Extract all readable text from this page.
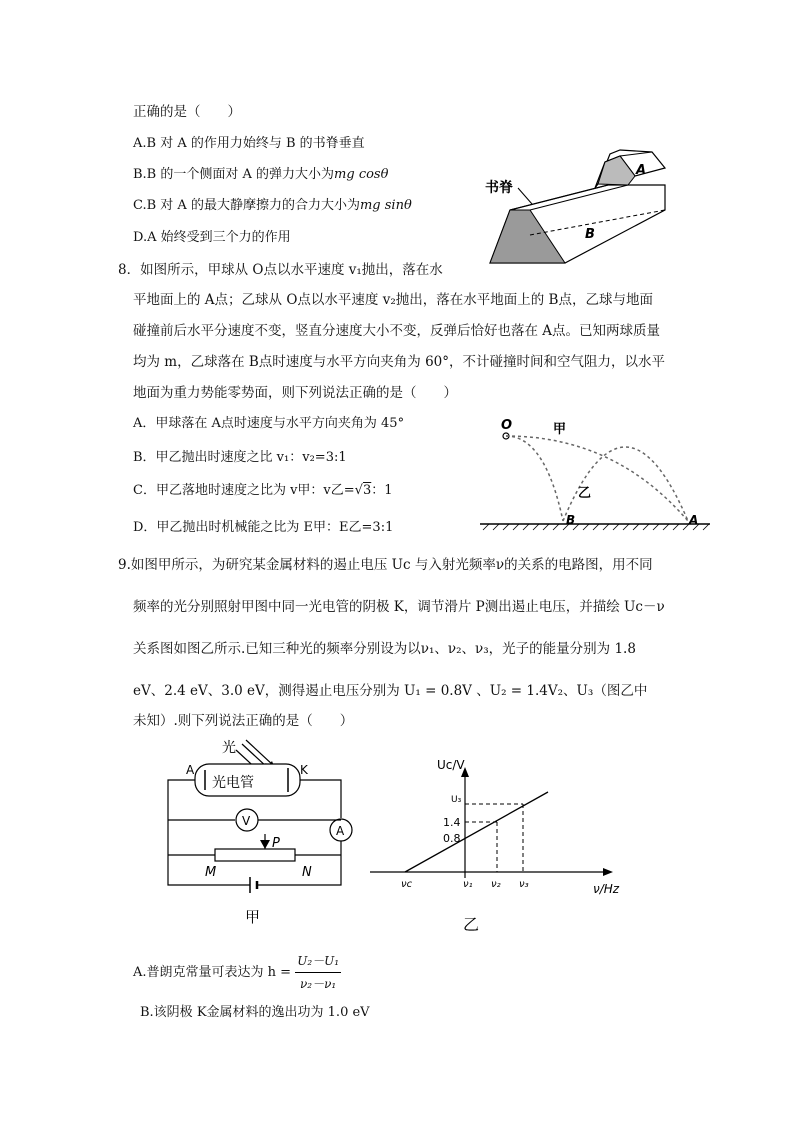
正确的是（　　）
A.B 对 A 的作用力始终与 B 的书脊垂直
B.B 的一个侧面对 A 的弹力大小为mg cosθ
C.B 对 A 的最大静摩擦力的合力大小为mg sinθ
D.A 始终受到三个力的作用
书脊
A
B
8．如图所示，甲球从 O点以水平速度 v₁抛出，落在水
平地面上的 A点；乙球从 O点以水平速度 v₂抛出，落在水平地面上的 B点，乙球与地面
碰撞前后水平分速度不变，竖直分速度大小不变，反弹后恰好也落在 A点。已知两球质量
均为 m，乙球落在 B点时速度与水平方向夹角为 60°，不计碰撞时间和空气阻力，以水平
地面为重力势能零势面，则下列说法正确的是（　　）
A．甲球落在 A点时速度与水平方向夹角为 45°
B．甲乙抛出时速度之比 v₁：v₂=3:1
C．甲乙落地时速度之比为 v甲：v乙=√3：1
D．甲乙抛出时机械能之比为 E甲：E乙=3:1
O	甲
乙
B	A
9.如图甲所示，为研究某金属材料的遏止电压 Uc 与入射光频率ν的关系的电路图，用不同
频率的光分别照射甲图中同一光电管的阴极 K，调节滑片 P测出遏止电压，并描绘 Uc－ν
关系图如图乙所示.已知三种光的频率分别设为以ν₁、ν₂、ν₃，光子的能量分别为 1.8
eV、2.4 eV、3.0 eV，测得遏止电压分别为 U₁ = 0.8V 、U₂ = 1.4V₂、U₃（图乙中
未知）.则下列说法正确的是（　　）
光
光电管
A	K
A
V
P
M	N
甲
Uc/V
ν/Hz
U₃
1.4
0.8
νc	ν₁ ν₂ ν₃
乙
A.普朗克常量可表达为 $h = \frac{\text{U₂－U₁}}{\text{ν₂－ν₁}}$
B.该阴极 K金属材料的逸出功为 1.0 eV
